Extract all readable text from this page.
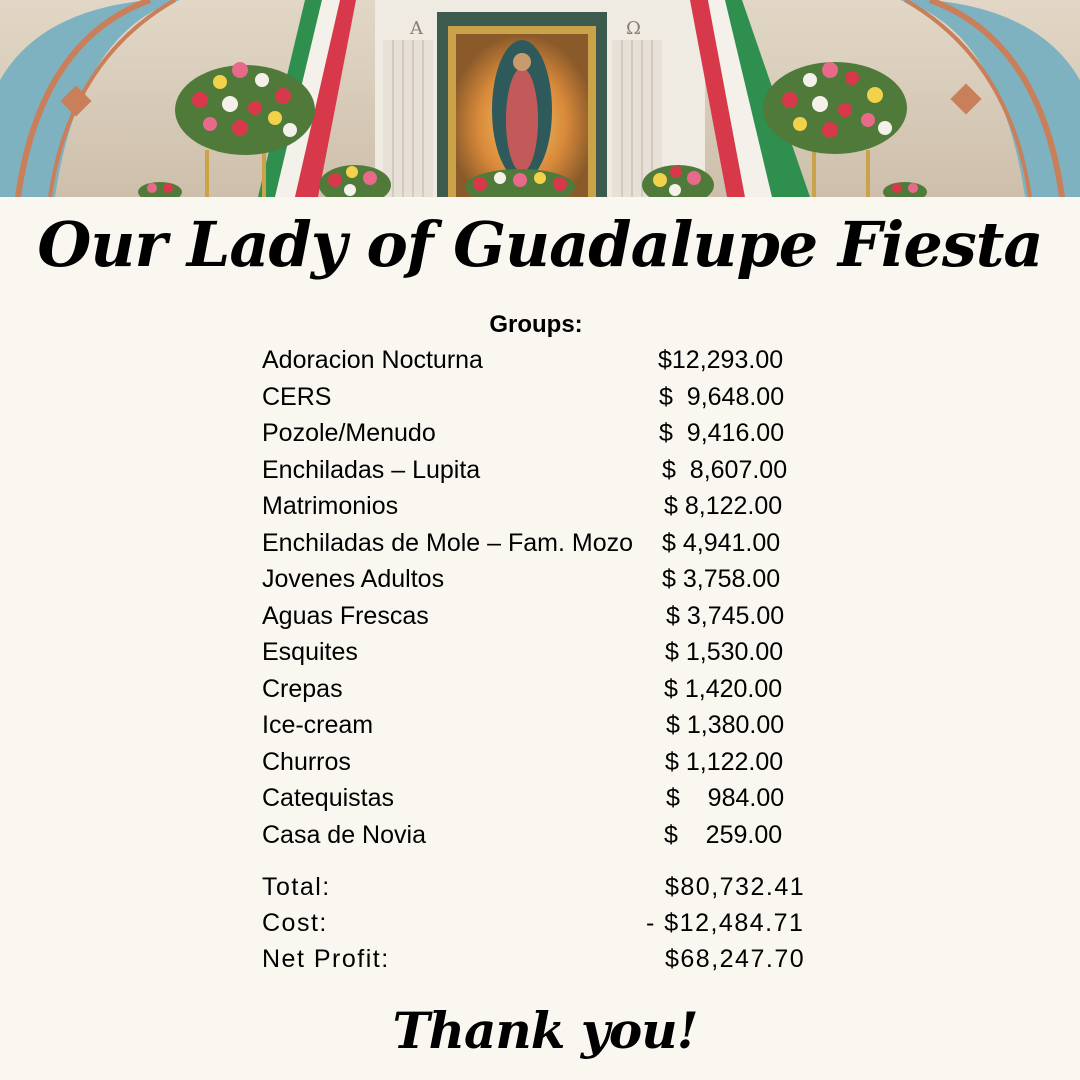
A	Ω
Our Lady of Guadalupe Fiesta
Groups:
Adoracion Nocturna	$12,293.00
CERS	$  9,648.00
Pozole/Menudo	$  9,416.00
Enchiladas – Lupita	$  8,607.00
Matrimonios	$ 8,122.00
Enchiladas de Mole – Fam. Mozo $ 4,941.00
Jovenes Adultos	$ 3,758.00
Aguas Frescas	$ 3,745.00
Esquites	$ 1,530.00
Crepas	$ 1,420.00
Ice-cream	$ 1,380.00
Churros	$ 1,122.00
Catequistas	$    984.00
Casa de Novia	$    259.00
Total:	$80,732.41
Cost:	- $12,484.71
Net Profit:	$68,247.70
Thank you!
